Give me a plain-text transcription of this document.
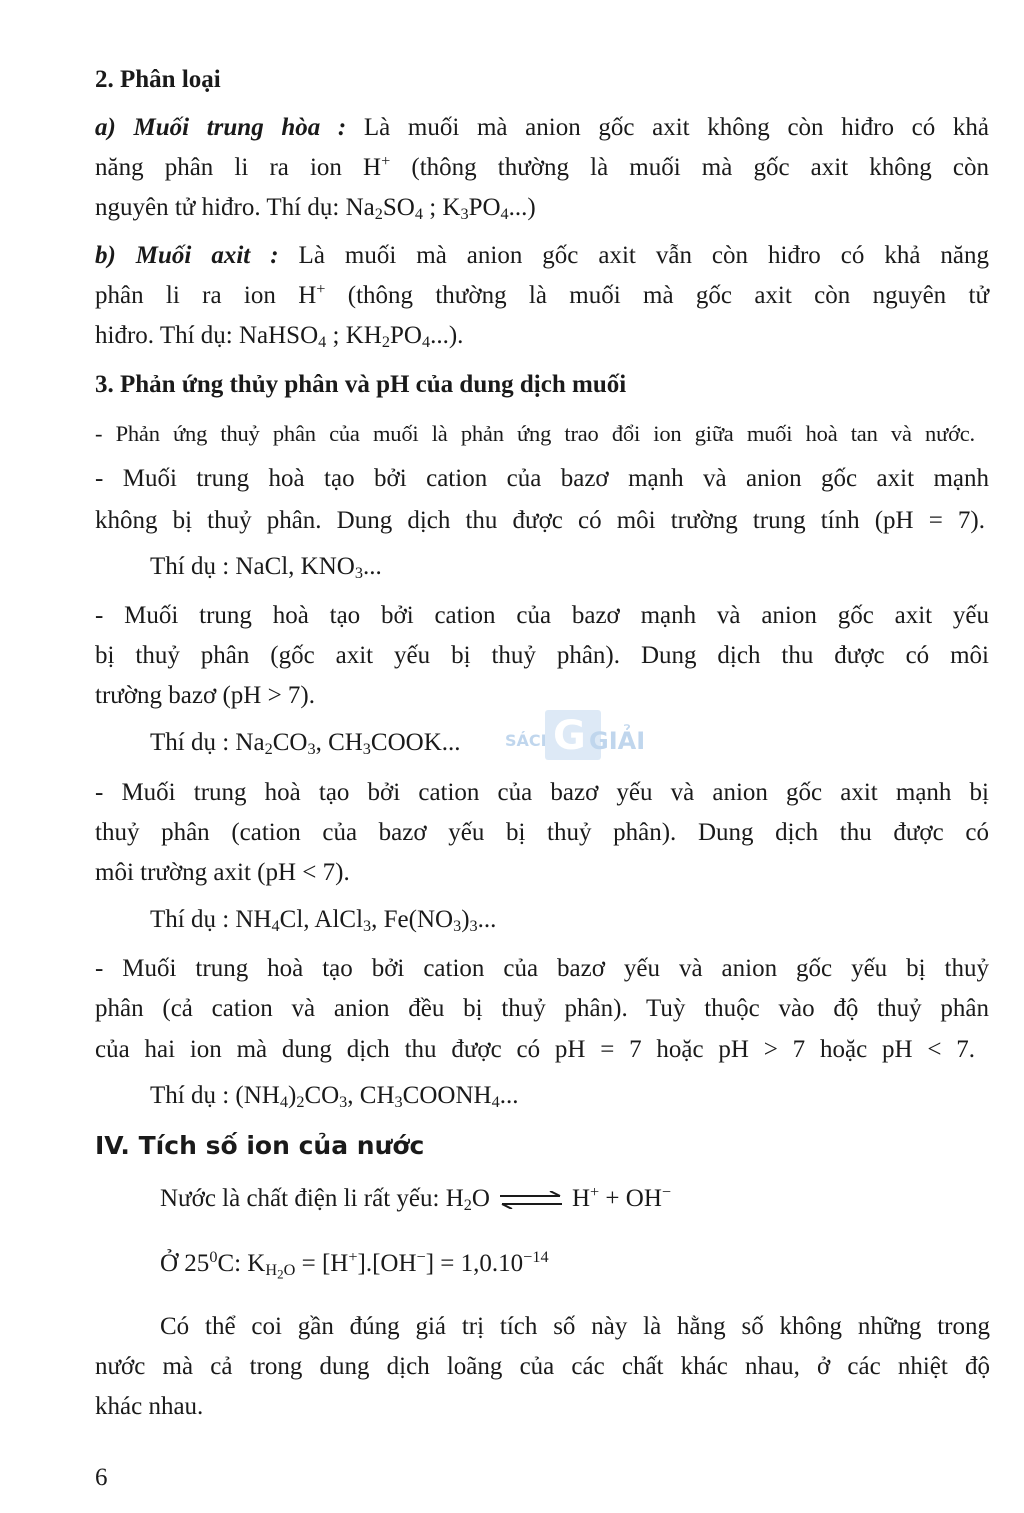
2. Phân loại
a) Muối trung hòa : Là muối mà anion gốc axit không còn hiđro có khả
năng phân li ra ion H+ (thông thường là muối mà gốc axit không còn
nguyên tử hiđro. Thí dụ: $Na_2SO_4$ ; $K_3PO_4$...)
b) Muối axit : Là muối mà anion gốc axit vẫn còn hiđro có khả năng
phân li ra ion H+ (thông thường là muối mà gốc axit còn nguyên tử
hiđro. Thí dụ: NaHSO$_4$ ; $KH_2PO_4$...).
3. Phản ứng thủy phân và pH của dung dịch muối
- Phản ứng thuỷ phân của muối là phản ứng trao đổi ion giữa muối hoà tan và nước.
- Muối trung hoà tạo bởi cation của bazơ mạnh và anion gốc axit mạnh
không bị thuỷ phân. Dung dịch thu được có môi trường trung tính (pH = 7).
Thí dụ : NaCl, $KNO_3$...
- Muối trung hoà tạo bởi cation của bazơ mạnh và anion gốc axit yếu
bị thuỷ phân (gốc axit yếu bị thuỷ phân). Dung dịch thu được có môi
trường bazơ (pH > 7).
Thí dụ : $Na_2CO_3$, $CH_3COOK$...
- Muối trung hoà tạo bởi cation của bazơ yếu và anion gốc axit mạnh bị
thuỷ phân (cation của bazơ yếu bị thuỷ phân). Dung dịch thu được có
môi trường axit (pH < 7).
Thí dụ : $NH_4Cl$, AlCl$_3$, $Fe(NO_3)_3$...
- Muối trung hoà tạo bởi cation của bazơ yếu và anion gốc yếu bị thuỷ
phân (cả cation và anion đều bị thuỷ phân). Tuỳ thuộc vào độ thuỷ phân
của hai ion mà dung dịch thu được có pH = 7 hoặc pH > 7 hoặc pH < 7.
Thí dụ : $(NH_4)_2CO_3$, $CH_3COONH_4$...
IV. Tích số ion của nước
Nước là chất điện li rất yếu: $H_2O$ ⇌ H+ + OH−
Ở $25^0C$: $K_{H_2O} = [H^+].[OH^-] = 1,0.10^{-14}$
Có thể coi gần đúng giá trị tích số này là hằng số không những trong
nước mà cả trong dung dịch loãng của các chất khác nhau, ở các nhiệt độ
khác nhau.
6
SÁCH
G GIẢI
